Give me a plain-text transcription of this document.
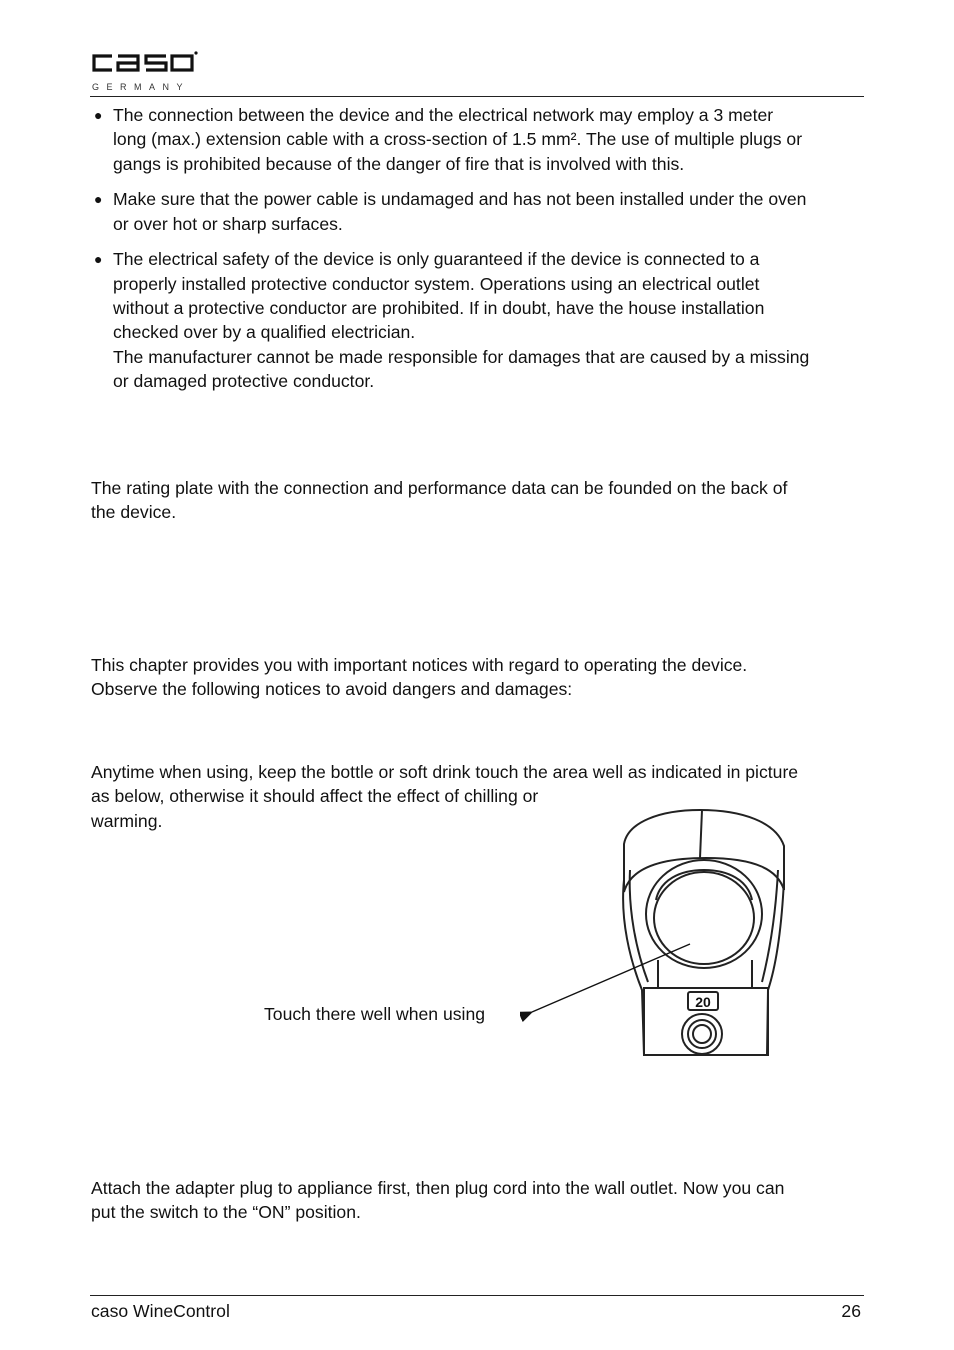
GERMANY
● The connection between the device and the electrical network may employ a 3 meter
long (max.) extension cable with a cross-section of 1.5 mm². The use of multiple plugs or
gangs is prohibited because of the danger of fire that is involved with this.
● Make sure that the power cable is undamaged and has not been installed under the oven
or over hot or sharp surfaces.
● The electrical safety of the device is only guaranteed if the device is connected to a
properly installed protective conductor system. Operations using an electrical outlet
without a protective conductor are prohibited. If in doubt, have the house installation
checked over by a qualified electrician.
The manufacturer cannot be made responsible for damages that are caused by a missing
or damaged protective conductor.
The rating plate with the connection and performance data can be founded on the back of
the device.
This chapter provides you with important notices with regard to operating the device.
Observe the following notices to avoid dangers and damages:
Anytime when using, keep the bottle or soft drink touch the area well as indicated in picture
as below, otherwise it should affect the effect of chilling or
warming.
Touch there well when using
20
Attach the adapter plug to appliance first, then plug cord into the wall outlet. Now you can
put the switch to the “ON” position.
caso WineControl	26
